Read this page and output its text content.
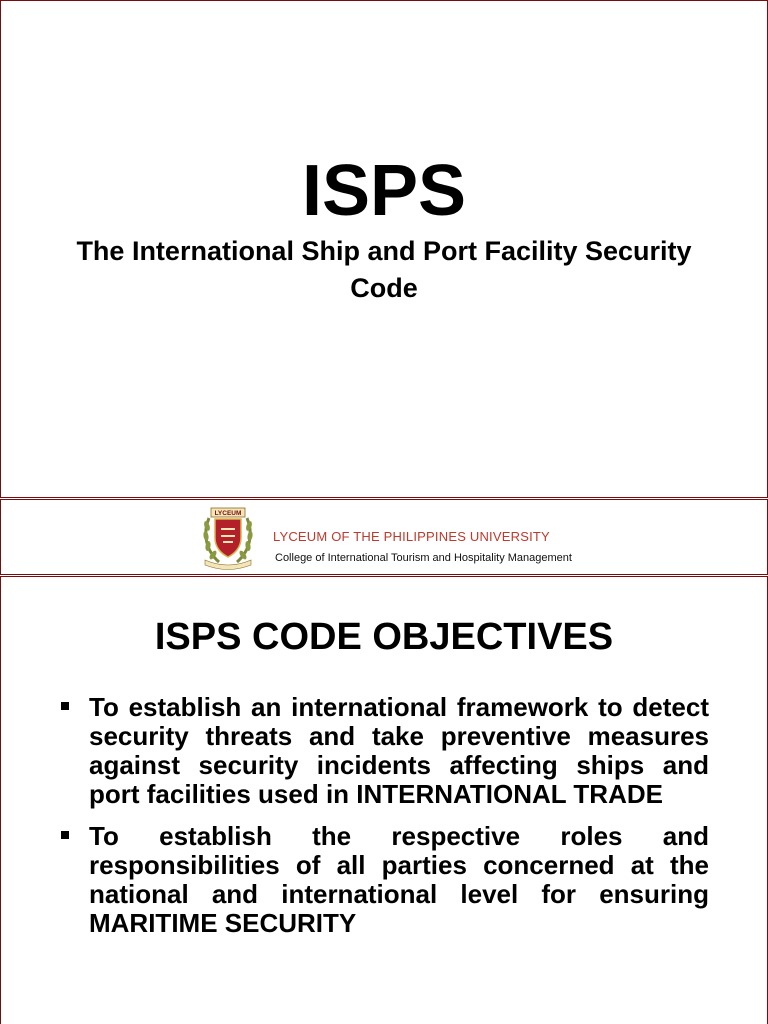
ISPS
The International Ship and Port Facility Security Code
LYCEUM
LYCEUM OF THE PHILIPPINES UNIVERSITY
College of International Tourism and Hospitality Management
ISPS CODE OBJECTIVES
To establish an international framework to detect security threats and take preventive measures against security incidents affecting ships and port facilities used in INTERNATIONAL TRADE
To establish the respective roles and responsibilities of all parties concerned at the national and international level for ensuring MARITIME SECURITY
